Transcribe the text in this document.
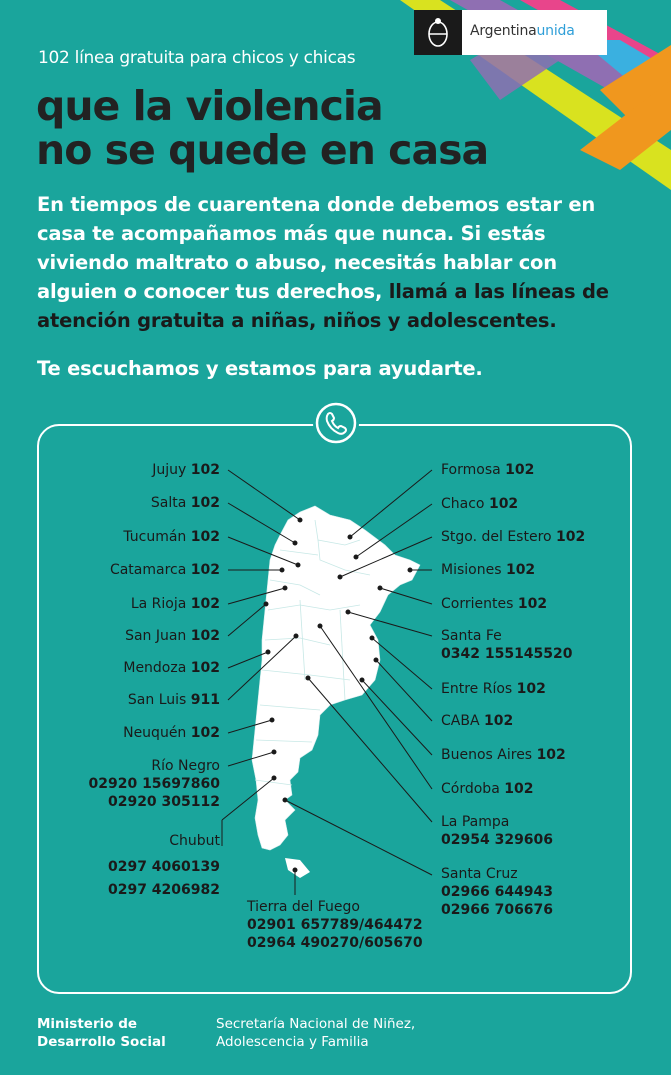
Argentinaunida
102 línea gratuita para chicos y chicas
que la violencia
no se quede en casa
En tiempos de cuarentena donde debemos estar en casa te acompañamos más que nunca. Si estás viviendo maltrato o abuso, necesitás hablar con alguien o conocer tus derechos, llamá a las líneas de atención gratuita a niñas, niños y adolescentes.
Te escuchamos y estamos para ayudarte.
Jujuy 102
Salta 102
Tucumán 102
Catamarca 102
La Rioja 102
San Juan 102
Mendoza 102
San Luis 911
Neuquén 102
Río Negro
02920 15697860
02920 305112
Chubut
0297 4060139
0297 4206982
Tierra del Fuego
02901 657789/464472
02964 490270/605670
Formosa 102
Chaco 102
Stgo. del Estero 102
Misiones 102
Corrientes 102
Santa Fe
0342 155145520
Entre Ríos 102
CABA 102
Buenos Aires 102
Córdoba 102
La Pampa
02954 329606
Santa Cruz
02966 644943
02966 706676
Ministerio de
Desarrollo Social
Secretaría Nacional de Niñez,
Adolescencia y Familia
